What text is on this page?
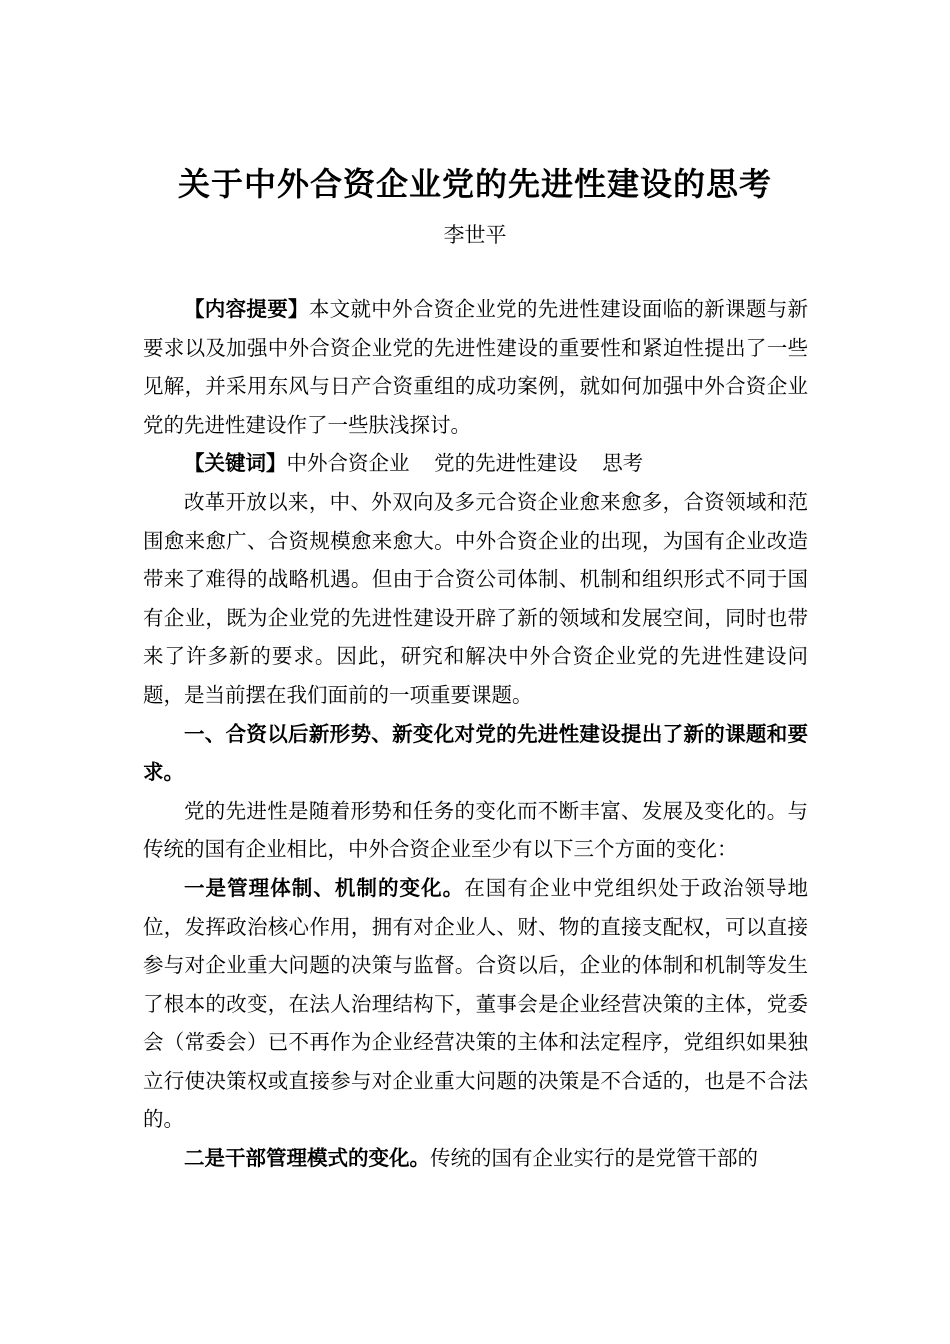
关于中外合资企业党的先进性建设的思考

李世平

【内容提要】本文就中外合资企业党的先进性建设面临的新课题与新要求以及加强中外合资企业党的先进性建设的重要性和紧迫性提出了一些见解，并采用东风与日产合资重组的成功案例，就如何加强中外合资企业党的先进性建设作了一些肤浅探讨。

【关键词】中外合资企业 党的先进性建设 思考

改革开放以来，中、外双向及多元合资企业愈来愈多，合资领域和范围愈来愈广、合资规模愈来愈大。中外合资企业的出现，为国有企业改造带来了难得的战略机遇。但由于合资公司体制、机制和组织形式不同于国有企业，既为企业党的先进性建设开辟了新的领域和发展空间，同时也带来了许多新的要求。因此，研究和解决中外合资企业党的先进性建设问题，是当前摆在我们面前的一项重要课题。

一、合资以后新形势、新变化对党的先进性建设提出了新的课题和要求。

党的先进性是随着形势和任务的变化而不断丰富、发展及变化的。与传统的国有企业相比，中外合资企业至少有以下三个方面的变化：

一是管理体制、机制的变化。在国有企业中党组织处于政治领导地位，发挥政治核心作用，拥有对企业人、财、物的直接支配权，可以直接参与对企业重大问题的决策与监督。合资以后，企业的体制和机制等发生了根本的改变，在法人治理结构下，董事会是企业经营决策的主体，党委会（常委会）已不再作为企业经营决策的主体和法定程序，党组织如果独立行使决策权或直接参与对企业重大问题的决策是不合适的，也是不合法的。

二是干部管理模式的变化。传统的国有企业实行的是党管干部的
